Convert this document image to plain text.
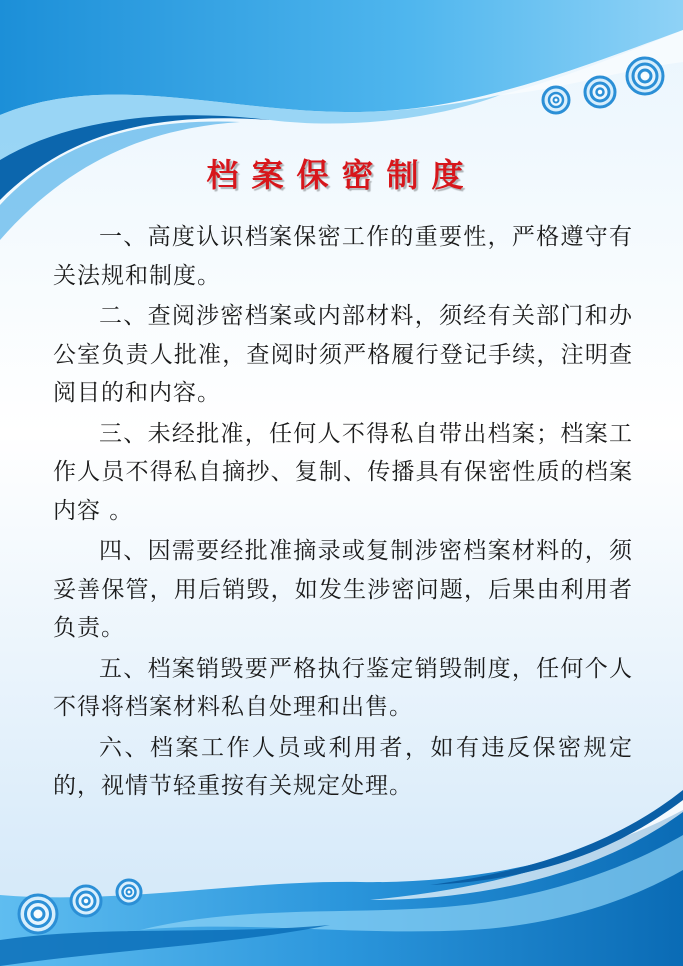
档案保密制度

一、高度认识档案保密工作的重要性，严格遵守有关法规和制度。

二、查阅涉密档案或内部材料，须经有关部门和办公室负责人批准，查阅时须严格履行登记手续，注明查阅目的和内容。

三、未经批准，任何人不得私自带出档案；档案工作人员不得私自摘抄、复制、传播具有保密性质的档案内容 。

四、因需要经批准摘录或复制涉密档案材料的，须妥善保管，用后销毁，如发生涉密问题，后果由利用者负责。

五、档案销毁要严格执行鉴定销毁制度，任何个人不得将档案材料私自处理和出售。

六、档案工作人员或利用者，如有违反保密规定的，视情节轻重按有关规定处理。
